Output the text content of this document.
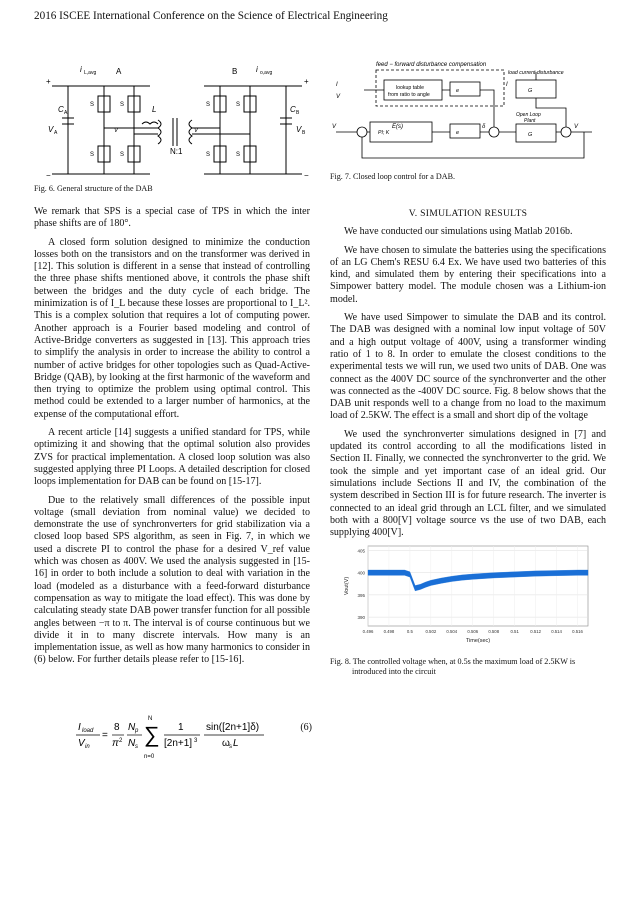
2016 ISCEE International Conference on the Science of Electrical Engineering
+
−
+
−
i L,avg A	B i o,avg
V A	V B
C A	C B
L
N:1
V	V
S	S
S	S
S	S
S	S
Fig. 6. General structure of the DAB
feed − forward disturbance compensation
load current disturbance
lookup table
from ratio to angle
e
e
G
G
PI; K
V	V
I
V
I
Open Loop
Plant
E(s)	δ
Fig. 7. Closed loop control for a DAB.

We remark that SPS is a special case of TPS in which the inter phase shifts are of 180°.

A closed form solution designed to minimize the conduction losses both on the transistors and on the transformer was derived in [12]. This solution is different in a sense that instead of controlling the three phase shifts mentioned above, it controls the phase shift between the bridges and the duty cycle of each bridge. The minimization is of I_L because these losses are proportional to I_L². This is a complex solution that requires a lot of computing power. Another approach is a Fourier based modeling and control of Active-Bridge converters as suggested in [13]. This approach tries to simplify the analysis in order to increase the ability to control a number of active bridges for other topologies such as Quad-Active-Bridge (QAB), by looking at the first harmonic of the waveform and then trying to optimize the problem using optimal control. This method could be extended to a larger number of harmonics, at the expense of the computational effort.

A recent article [14] suggests a unified standard for TPS, while optimizing it and showing that the optimal solution also provides ZVS for practical implementation. A closed loop solution was also suggested applying three PI Loops. A detailed description for closed loops implementation for DAB can be found on [15-17].

Due to the relatively small differences of the possible input voltage (small deviation from nominal value) we decided to demonstrate the use of synchronverters for grid stabilization via a closed loop based SPS algorithm, as seen in Fig. 7, in which we used a discrete PI to control the phase for a desired V_ref value which was chosen as 400V. We used the analysis suggested in [15-16] in order to both include a solution to deal with variation in the load (modeled as a disturbance with a feed-forward disturbance compensation as way to mitigate the load effect). This was done by calculating steady state DAB power transfer function for all possible angles between −π to π. The interval is of course continuous but we divide it in to many discrete intervals. How many is an implementation issue, as well as how many harmonics to consider in (6) below. For further details please refer to [15-16].

I load
V in
=
8
π 2
N p
N s ∑
N
n=0
1
[2n+1] 3
sin([2n+1]δ)
ω s L
(6)
V. SIMULATION RESULTS

We have conducted our simulations using Matlab 2016b.

We have chosen to simulate the batteries using the specifications of an LG Chem's RESU 6.4 Ex. We have used two batteries of this kind, and simulated them by entering their specifications into a Simpower battery model. The module chosen was a Lithium-ion model.

We have used Simpower to simulate the DAB and its control. The DAB was designed with a nominal low input voltage of 50V and a high output voltage of 400V, using a transformer winding ratio of 1 to 8. In order to emulate the closest conditions to the experimental tests we will run, we used two units of DAB. One was connect as the 400V DC source of the synchronverter and the other was connected as the -400V DC source. Fig. 8 below shows that the DAB unit responds well to a change from no load to the maximum load of 2.5KW. The effect is a small and short dip of the voltage

We used the synchronverter simulations designed in [7] and updated its control according to all the modifications listed in Section II. Finally, we connected the synchronverter to the grid. We took the simple and yet important case of an ideal grid. Our simulations include Sections II and IV, the combination of the system described in Section III is for future research. The inverter is connected to an ideal grid through an LCL filter, and we simulated both with a 800[V] voltage source vs the use of two DAB, each supplying 400[V].

390
395
400
405
0.496 0.498	0.5	0.502 0.504 0.506 0.508	0.51	0.512 0.514 0.516
Time(sec)
Vout(V)
Fig. 8. The controlled voltage when, at 0.5s the maximum load of 2.5KW is
introduced into the circuit
